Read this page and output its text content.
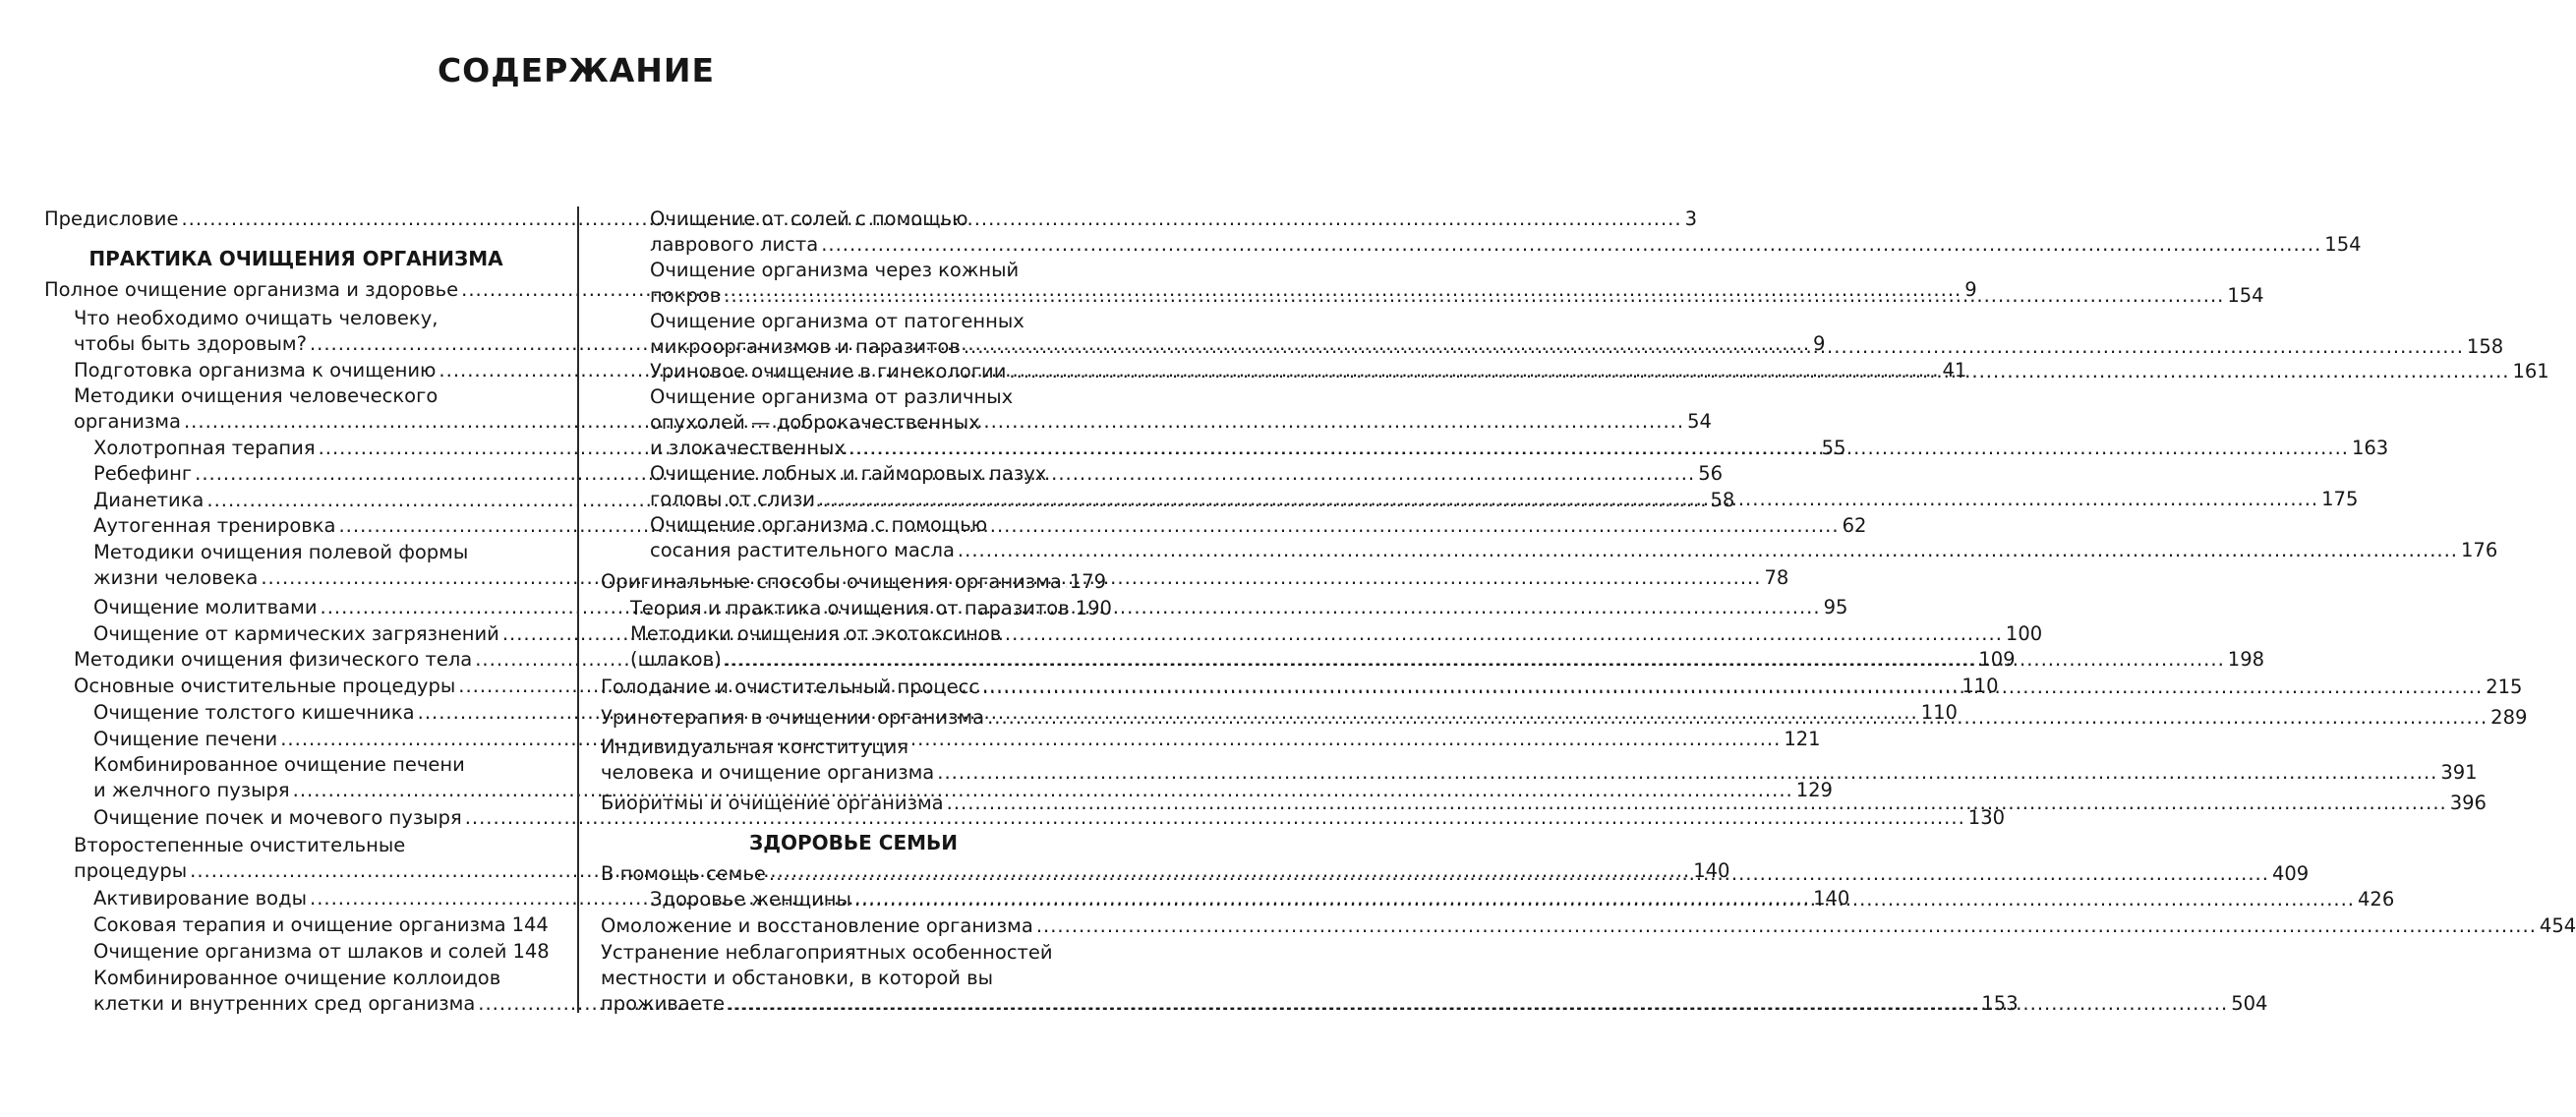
СОДЕРЖАНИЕ
ПРАКТИКА ОЧИЩЕНИЯ ОРГАНИЗМА
Предисловие .....	3
Полное очищение организма и здоровье .....	9
Что необходимо очищать человеку,
чтобы быть здоровым? .....	9
Подготовка организма к очищению .....	41
Методики очищения человеческого
организма .....	54
Холотропная терапия .....	55
Ребефинг .....	56
Дианетика .....	58
Аутогенная тренировка .....	62
Методики очищения полевой формы
жизни человека .....	78
Очищение молитвами .....	95
Очищение от кармических загрязнений .....	100
Методики очищения физического тела .....	109
Основные очистительные процедуры .....	110
Очищение толстого кишечника .....	110
Очищение печени .....	121
Комбинированное очищение печени
и желчного пузыря .....	129
Очищение почек и мочевого пузыря .....	130
Второстепенные очистительные
процедуры .....	140
Активирование воды .....	140
Соковая терапия и очищение организма 144
Очищение организма от шлаков и солей 148
Комбинированное очищение коллоидов
клетки и внутренних сред организма .....	153
ЗДОРОВЬЕ СЕМЬИ
Очищение от солей с помощью
лаврового листа .....	154
Очищение организма через кожный
покров .....	154
Очищение организма от патогенных
микроорганизмов и паразитов .....	158
Уриновое очищение в гинекологии .....	161
Очищение организма от различных
опухолей — доброкачественных
и злокачественных .....	163
Очищение лобных и гайморовых пазух
головы от слизи .....	175
Очищение организма с помощью
сосания растительного масла .....	176
Оригинальные способы очищения организма ..... 179
Теория и практика очищения от паразитов 190
Методики очищения от экотоксинов
(шлаков) .....	198
Голодание и очистительный процесс .....	215
Уринотерапия в очищении организма .....	289
Индивидуальная конституция
человека и очищение организма .....	391
Биоритмы и очищение организма .....	396
В помощь семье .....	409
Здоровье женщины .....	426
Омоложение и восстановление организма .....	454
Устранение неблагоприятных особенностей
местности и обстановки, в которой вы
проживаете .....	504
